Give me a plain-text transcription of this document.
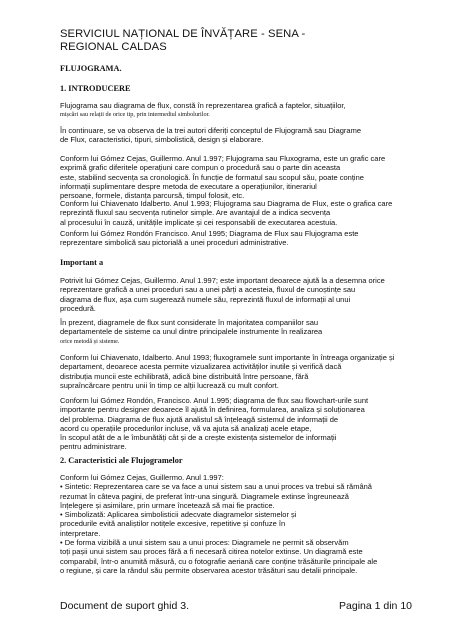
SERVICIUL NAȚIONAL DE ÎNVĂȚARE - SENA -
REGIONAL CALDAS
FLUJOGRAMA.
1. INTRODUCERE
Flujograma sau diagrama de flux, constă în reprezentarea grafică a faptelor, situațiilor,
mișcări sau relații de orice tip, prin intermediul simbolurilor.
În continuare, se va observa de la trei autori diferiți conceptul de Flujogramă sau Diagrame
de Flux, caracteristici, tipuri, simbolistică, design și elaborare.
Conform lui Gómez Cejas, Guillermo. Anul 1.997; Flujograma sau Fluxograma, este un grafic care
exprimă grafic diferitele operațiuni care compun o procedură sau o parte din aceasta
este, stabilind secvența sa cronologică. În funcție de formatul sau scopul său, poate conține
informații suplimentare despre metoda de executare a operațiunilor, itinerariul
persoane, formele, distanța parcursă, timpul folosit, etc.
Conform lui Chiavenato Idalberto. Anul 1.993; Flujograma sau Diagrama de Flux, este o grafica care
reprezintă fluxul sau secvența rutinelor simple. Are avantajul de a indica secvența
al procesului în cauză, unitățile implicate și cei responsabili de executarea acestuia.
Conform lui Gómez Rondón Francisco. Anul 1995; Diagrama de Flux sau Flujograma este
reprezentare simbolică sau pictorială a unei proceduri administrative.
Important a
Potrivit lui Gómez Cejas, Guillermo. Anul 1.997; este important deoarece ajută la a desemna orice
reprezentare grafică a unei proceduri sau a unei părți a acesteia, fluxul de cunoștințe sau
diagrama de flux, așa cum sugerează numele său, reprezintă fluxul de informații al unui
procedură.
În prezent, diagramele de flux sunt considerate în majoritatea companiilor sau
departamentele de sisteme ca unul dintre principalele instrumente în realizarea
orice metodă și sisteme.
Conform lui Chiavenato, Idalberto. Anul 1993; fluxogramele sunt importante în întreaga organizație și
departament, deoarece acesta permite vizualizarea activităților inutile și verifică dacă
distribuția muncii este echilibrată, adică bine distribuită între persoane, fără
supraîncărcare pentru unii în timp ce alții lucrează cu mult confort.
Conform lui Gómez Rondón, Francisco. Anul 1.995; diagrama de flux sau flowchart-urile sunt
importante pentru designer deoarece îl ajută în definirea, formularea, analiza și soluționarea
del problema. Diagrama de flux ajută analistul să înțeleagă sistemul de informații de
acord cu operațiile procedurilor incluse, vă va ajuta să analizați acele etape,
în scopul atât de a le îmbunătăți cât și de a crește existența sistemelor de informații
pentru administrare.
2. Caracteristici ale Flujogramelor
Conform lui Gómez Cejas, Guillermo. Anul 1.997:
• Sintetic: Reprezentarea care se va face a unui sistem sau a unui proces va trebui să rămână
rezumat în câteva pagini, de preferat într-una singură. Diagramele extinse îngreunează
înțelegere și asimilare, prin urmare încetează să mai fie practice.
• Simbolizată: Aplicarea simbolisticii adecvate diagramelor sistemelor și
procedurile evită analiștilor notițele excesive, repetitive și confuze în
interpretare.
• De forma vizibilă a unui sistem sau a unui proces: Diagramele ne permit să observăm
toți pașii unui sistem sau proces fără a fi necesară citirea notelor extinse. Un diagramă este
comparabil, într-o anumită măsură, cu o fotografie aeriană care conține trăsăturile principale ale
o regiune, și care la rândul său permite observarea acestor trăsături sau detalii principale.
Document de suport ghid 3.	Pagina 1 din 10
